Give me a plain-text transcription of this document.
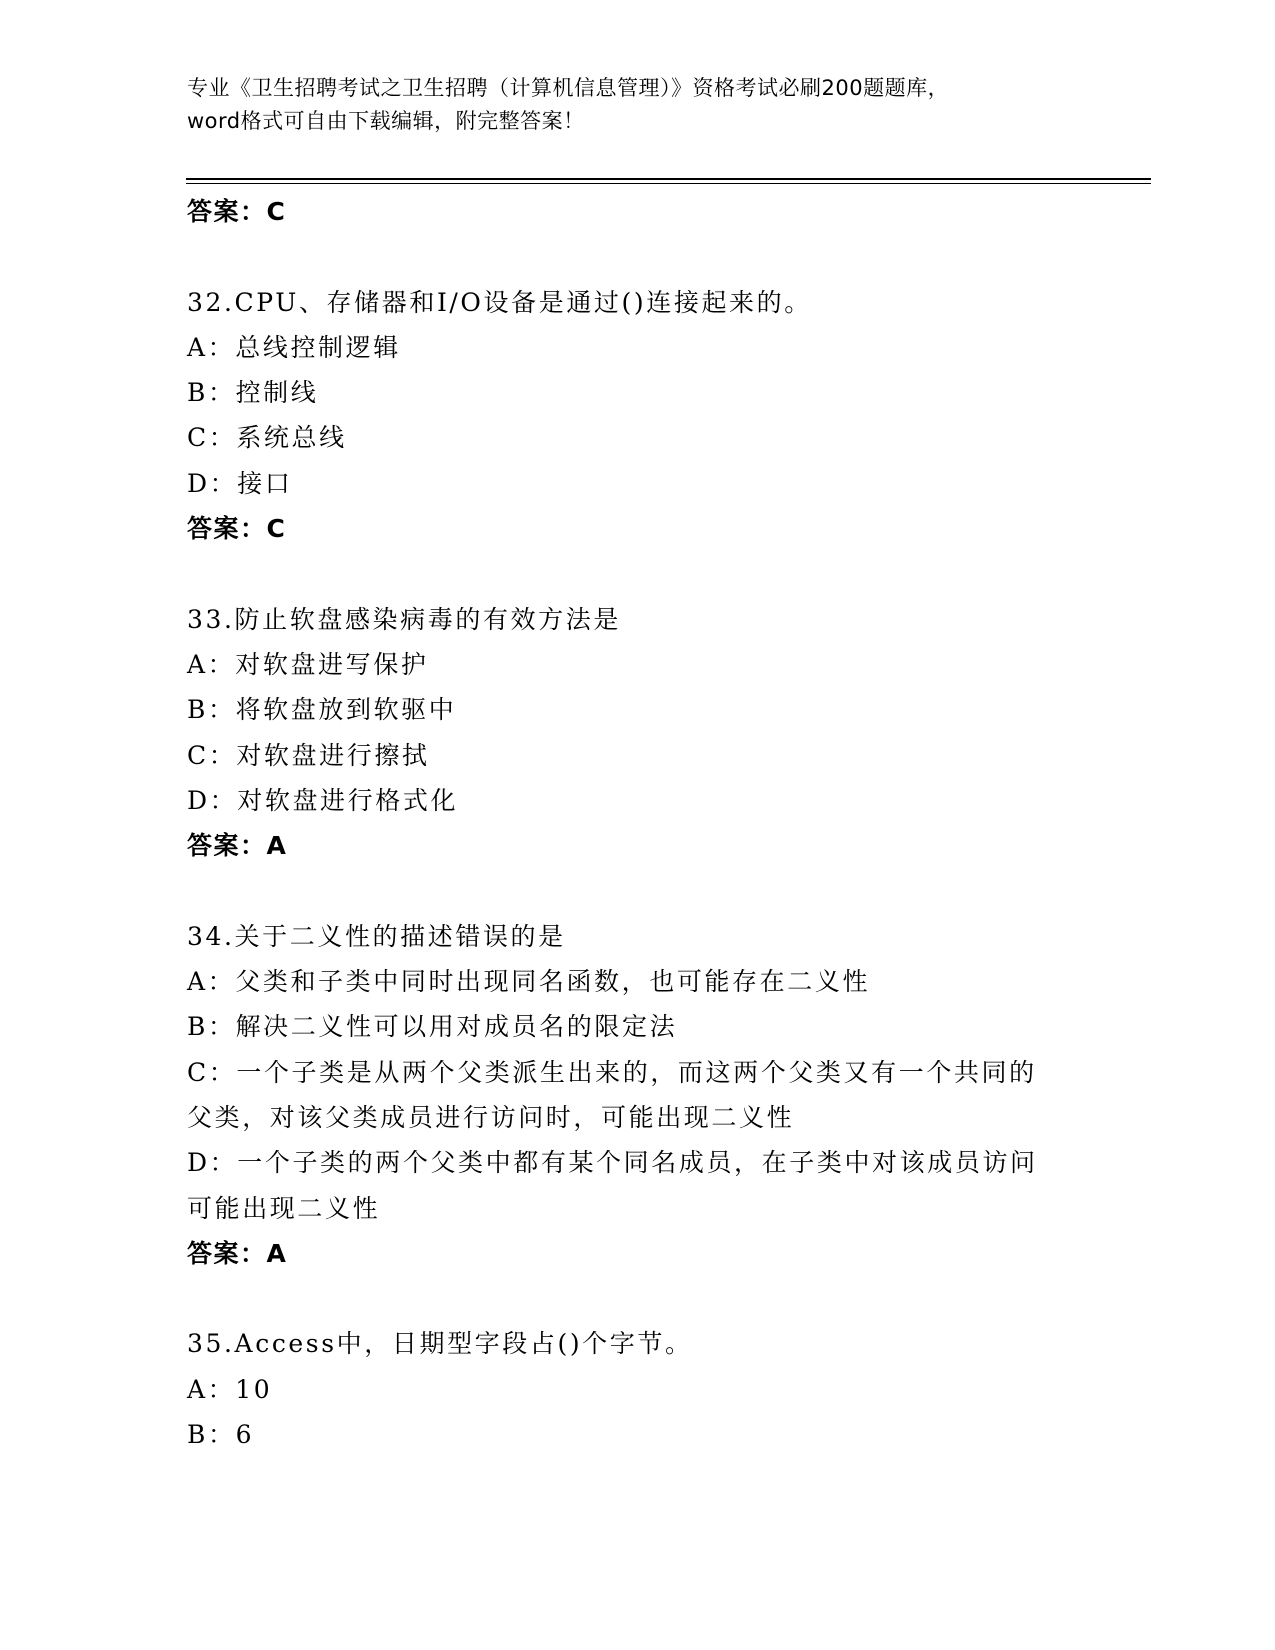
专业《卫生招聘考试之卫生招聘（计算机信息管理）》资格考试必刷200题题库，
word格式可自由下载编辑，附完整答案！
答案：C
32.CPU、存储器和I/O设备是通过()连接起来的。
A：总线控制逻辑
B：控制线
C：系统总线
D：接口
答案：C
33.防止软盘感染病毒的有效方法是
A：对软盘进写保护
B：将软盘放到软驱中
C：对软盘进行擦拭
D：对软盘进行格式化
答案：A
34.关于二义性的描述错误的是
A：父类和子类中同时出现同名函数，也可能存在二义性
B：解决二义性可以用对成员名的限定法
C：一个子类是从两个父类派生出来的，而这两个父类又有一个共同的
父类，对该父类成员进行访问时，可能出现二义性
D：一个子类的两个父类中都有某个同名成员，在子类中对该成员访问
可能出现二义性
答案：A
35.Access中，日期型字段占()个字节。
A：10
B：6
